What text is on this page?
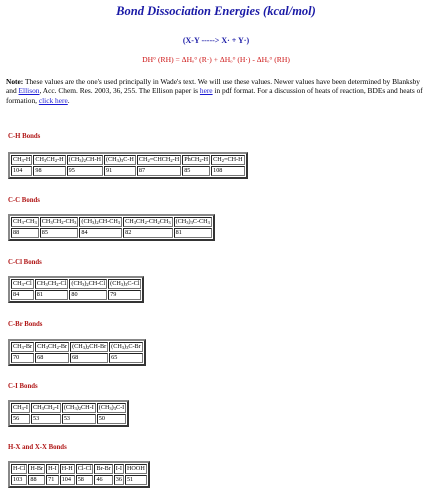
Bond Dissociation Energies (kcal/mol)
(X-Y -----> X· + Y·)
DH° (RH) = ΔHₒ° (R·) + ΔHₒ° (H·) - ΔHₒ° (RH)

Note: These values are the one's used principally in Wade's text. We will use these values. Newer values have been determined by Blanksby and Ellison, Acc. Chem. Res. 2003, 36, 255. The Ellison paper is here in pdf format. For a discussion of heats of reaction, BDEs and heats of formation, click here.

C-H Bonds
$CH_3-H$	$CH_3CH_2-H$	$(CH_3)_2CH-H$	$(CH_3)_3C-H$	$CH_2=CHCH_2-H$	PhCH$_2$-H	$CH_2=CH-H$
104	98	95	91	87	85	108
C-C Bonds
$CH_3-CH_3$	$CH_3CH_2-CH_3$	$(CH_3)_2CH-CH_3$	$CH_3CH_2-CH_2CH_3$	$(CH_3)_3C-CH_3$
88	85	84	82	81
C-Cl Bonds
$CH_3-Cl$	$CH_3CH_2-Cl$	$(CH_3)_2CH-Cl$	$(CH_3)_3C-Cl$
84	81	80	79
C-Br Bonds
$CH_3-Br$	$CH_3CH_2-Br$	$(CH_3)_2CH-Br$	$(CH_3)_3C-Br$
70	68	68	65
C-I Bonds
$CH_3-I$	$CH_3CH_2-I$	$(CH_3)_2CH-I$	$(CH_3)_3C-I$
56	53	53	50
H-X and X-X Bonds
H-Cl	H-Br	H-I	H-H	Cl-Cl	Br-Br	I-I	HOOH
103	88	71	104	58	46	36	51
